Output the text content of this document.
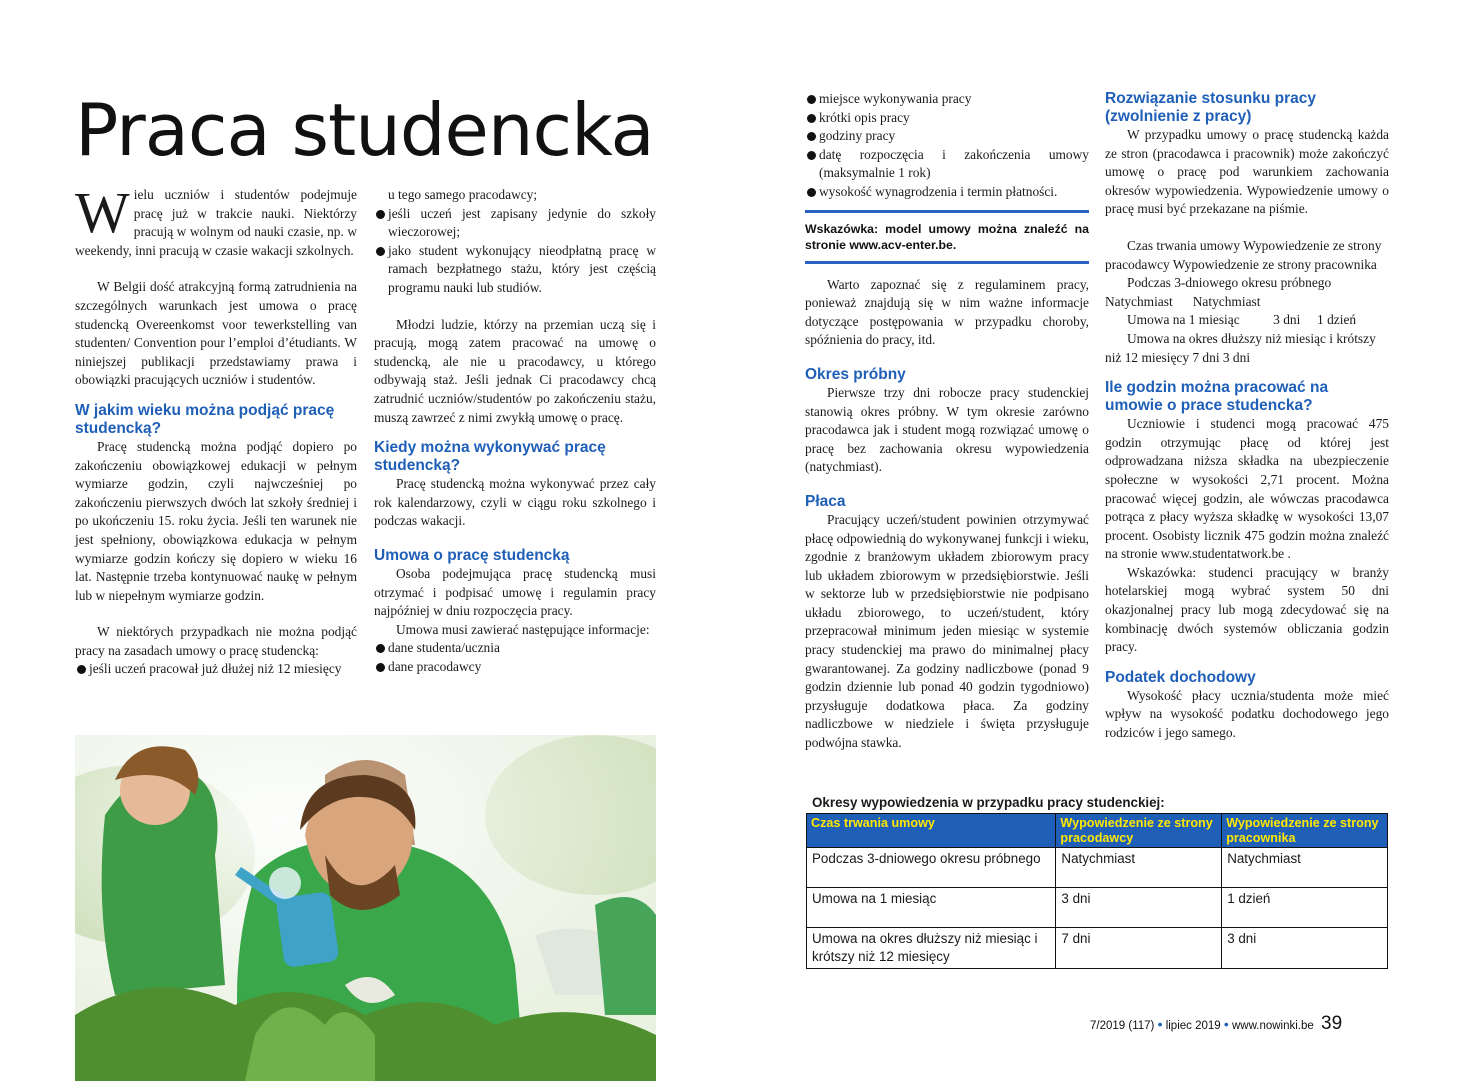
Praca studencka

Wielu uczniów i studentów podejmuje pracę już w trakcie nauki. Niektórzy pracują w wolnym od nauki czasie, np. w weekendy, inni pracują w czasie wakacji szkolnych.

W Belgii dość atrakcyjną formą zatrudnienia na szczególnych warunkach jest umowa o pracę studencką Overeenkomst voor tewerkstelling van studenten/ Convention pour l’emploi d’étudiants. W niniejszej publikacji przedstawiamy prawa i obowiązki pracujących uczniów i studentów.

W jakim wieku można podjąć pracę studencką?

Pracę studencką można podjąć dopiero po zakończeniu obowiązkowej edukacji w pełnym wymiarze godzin, czyli najwcześniej po zakończeniu pierwszych dwóch lat szkoły średniej i po ukończeniu 15. roku życia. Jeśli ten warunek nie jest spełniony, obowiązkowa edukacja w pełnym wymiarze godzin kończy się dopiero w wieku 16 lat. Następnie trzeba kontynuować naukę w pełnym lub w niepełnym wymiarze godzin.

W niektórych przypadkach nie można podjąć pracy na zasadach umowy o pracę studencką:

jeśli uczeń pracował już dłużej niż 12 miesięcy

u tego samego pracodawcy;

jeśli uczeń jest zapisany jedynie do szkoły wieczorowej;
jako student wykonujący nieodpłatną pracę w ramach bezpłatnego stażu, który jest częścią programu nauki lub studiów.

Młodzi ludzie, którzy na przemian uczą się i pracują, mogą zatem pracować na umowę o studencką, ale nie u pracodawcy, u którego odbywają staż. Jeśli jednak Ci pracodawcy chcą zatrudnić uczniów/studentów po zakończeniu stażu, muszą zawrzeć z nimi zwykłą umowę o pracę.

Kiedy można wykonywać pracę studencką?

Pracę studencką można wykonywać przez cały rok kalendarzowy, czyli w ciągu roku szkolnego i podczas wakacji.

Umowa o pracę studencką

Osoba podejmująca pracę studencką musi otrzymać i podpisać umowę i regulamin pracy najpóźniej w dniu rozpoczęcia pracy.

Umowa musi zawierać następujące informacje:

dane studenta/ucznia
dane pracodawcy
miejsce wykonywania pracy
krótki opis pracy
godziny pracy
datę rozpoczęcia i zakończenia umowy (maksymalnie 1 rok)
wysokość wynagrodzenia i termin płatności.
Wskazówka: model umowy można znaleźć na stronie www.acv-enter.be.

Warto zapoznać się z regulaminem pracy, ponieważ znajdują się w nim ważne informacje dotyczące postępowania w przypadku choroby, spóźnienia do pracy, itd.

Okres próbny

Pierwsze trzy dni robocze pracy studenckiej stanowią okres próbny. W tym okresie zarówno pracodawca jak i student mogą rozwiązać umowę o pracę bez zachowania okresu wypowiedzenia (natychmiast).

Płaca

Pracujący uczeń/student powinien otrzymywać płacę odpowiednią do wykonywanej funkcji i wieku, zgodnie z branżowym układem zbiorowym pracy lub układem zbiorowym w przedsiębiorstwie. Jeśli w sektorze lub w przedsiębiorstwie nie podpisano układu zbiorowego, to uczeń/student, który przepracował minimum jeden miesiąc w systemie pracy studenckiej ma prawo do minimalnej płacy gwarantowanej. Za godziny nadliczbowe (ponad 9 godzin dziennie lub ponad 40 godzin tygodniowo) przysługuje dodatkowa płaca. Za godziny nadliczbowe w niedziele i święta przysługuje podwójna stawka.

Rozwiązanie stosunku pracy (zwolnienie z pracy)

W przypadku umowy o pracę studencką każda ze stron (pracodawca i pracownik) może zakończyć umowę o pracę pod warunkiem zachowania okresów wypowiedzenia. Wypowiedzenie umowy o pracę musi być przekazane na piśmie.

Czas trwania umowy Wypowiedzenie ze strony pracodawcy Wypowiedzenie ze strony pracownika

Podczas 3-dniowego okresu próbnego

Natychmiast      Natychmiast

Umowa na 1 miesiąc          3 dni     1 dzień

Umowa na okres dłuższy niż miesiąc i krótszy niż 12 miesięcy 7 dni 3 dni

Ile godzin można pracować na umowie o prace studencka?

Uczniowie i studenci mogą pracować 475 godzin otrzymując płacę od której jest odprowadzana niższa składka na ubezpieczenie społeczne w wysokości 2,71 procent. Można pracować więcej godzin, ale wówczas pracodawca potrąca z płacy wyższa składkę w wysokości 13,07 procent. Osobisty licznik 475 godzin można znaleźć na stronie www.studentatwork.be .

Wskazówka: studenci pracujący w branży hotelarskiej mogą wybrać system 50 dni okazjonalnej pracy lub mogą zdecydować się na kombinację dwóch systemów obliczania godzin pracy.

Podatek dochodowy

Wysokość płacy ucznia/studenta może mieć wpływ na wysokość podatku dochodowego jego rodziców i jego samego.

Okresy wypowiedzenia w przypadku pracy studenckiej:
Czas trwania umowy	Wypowiedzenie ze strony pracodawcy	Wypowiedzenie ze strony pracownika
Podczas 3-dniowego okresu próbnego	Natychmiast	Natychmiast
Umowa na 1 miesiąc	3 dni	1 dzień
Umowa na okres dłuższy niż miesiąc i krótszy niż 12 miesięcy	7 dni	3 dni
7/2019 (117) • lipiec 2019 • www.nowinki.be 39
